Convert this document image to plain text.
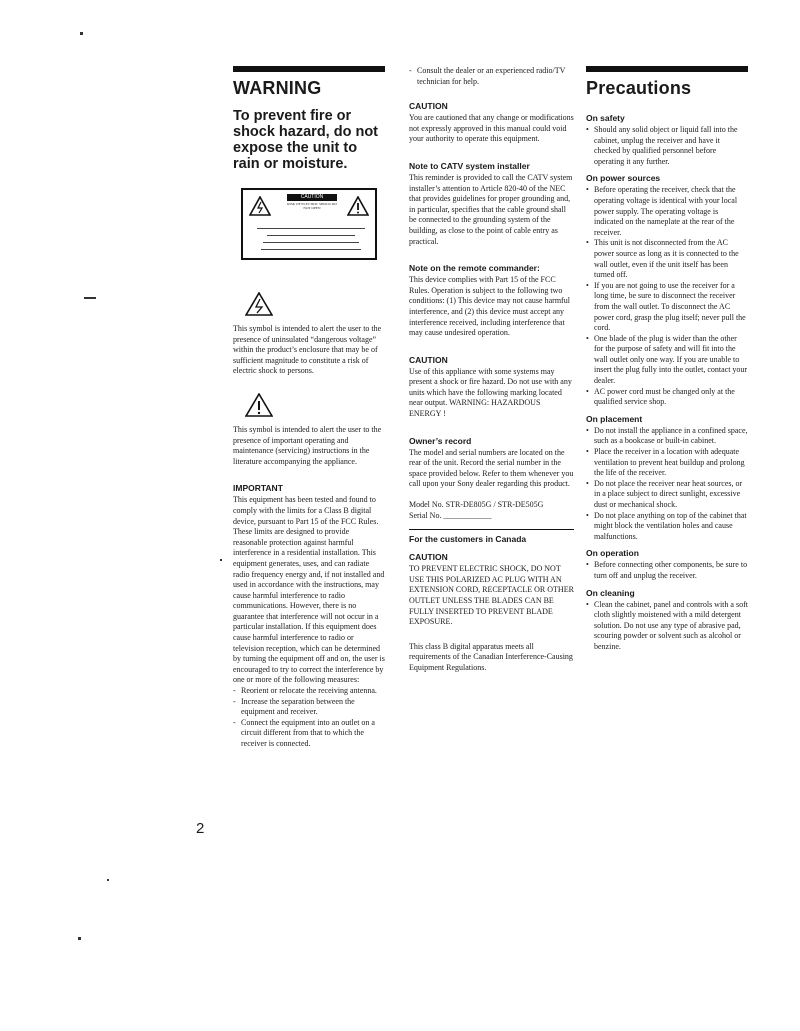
WARNING
To prevent fire or shock hazard, do not expose the unit to rain or moisture.
CAUTION
RISK OF ELECTRIC SHOCK DO NOT OPEN

This symbol is intended to alert the user to the presence of uninsulated “dangerous voltage” within the product’s enclosure that may be of sufficient magnitude to constitute a risk of electric shock to persons.

This symbol is intended to alert the user to the presence of important operating and maintenance (servicing) instructions in the literature accompanying the appliance.

IMPORTANT

This equipment has been tested and found to comply with the limits for a Class B digital device, pursuant to Part 15 of the FCC Rules.

These limits are designed to provide reasonable protection against harmful interference in a residential installation. This equipment generates, uses, and can radiate radio frequency energy and, if not installed and used in accordance with the instructions, may cause harmful interference to radio communications. However, there is no guarantee that interference will not occur in a particular installation. If this equipment does cause harmful interference to radio or television reception, which can be determined by turning the equipment off and on, the user is encouraged to try to correct the interference by one or more of the following measures:

- Reorient or relocate the receiving antenna.
- Increase the separation between the equipment and receiver.
- Connect the equipment into an outlet on a circuit different from that to which the receiver is connected.
2
- Consult the dealer or an experienced radio/TV technician for help.
CAUTION

You are cautioned that any change or modifications not expressly approved in this manual could void your authority to operate this equipment.

Note to CATV system installer

This reminder is provided to call the CATV system installer’s attention to Article 820-40 of the NEC that provides guidelines for proper grounding and, in particular, specifies that the cable ground shall be connected to the grounding system of the building, as close to the point of cable entry as practical.

Note on the remote commander:

This device complies with Part 15 of the FCC Rules. Operation is subject to the following two conditions: (1) This device may not cause harmful interference, and (2) this device must accept any interference received, including interference that may cause undesired operation.

CAUTION

Use of this appliance with some systems may present a shock or fire hazard. Do not use with any units which have the following marking located near output. WARNING: HAZARDOUS ENERGY !

Owner’s record

The model and serial numbers are located on the rear of the unit. Record the serial number in the space provided below. Refer to them whenever you call upon your Sony dealer regarding this product.

Model No. STR-DE805G / STR-DE505G

Serial No. ____________

For the customers in Canada
CAUTION

TO PREVENT ELECTRIC SHOCK, DO NOT USE THIS POLARIZED AC PLUG WITH AN EXTENSION CORD, RECEPTACLE OR OTHER OUTLET UNLESS THE BLADES CAN BE FULLY INSERTED TO PREVENT BLADE EXPOSURE.

This class B digital apparatus meets all requirements of the Canadian Interference-Causing Equipment Regulations.

Precautions
On safety
• Should any solid object or liquid fall into the cabinet, unplug the receiver and have it checked by qualified personnel before operating it any further.
On power sources
• Before operating the receiver, check that the operating voltage is identical with your local power supply. The operating voltage is indicated on the nameplate at the rear of the receiver.
• This unit is not disconnected from the AC power source as long as it is connected to the wall outlet, even if the unit itself has been turned off.
• If you are not going to use the receiver for a long time, be sure to disconnect the receiver from the wall outlet. To disconnect the AC power cord, grasp the plug itself; never pull the cord.
• One blade of the plug is wider than the other for the purpose of safety and will fit into the wall outlet only one way. If you are unable to insert the plug fully into the outlet, contact your dealer.
• AC power cord must be changed only at the qualified service shop.
On placement
• Do not install the appliance in a confined space, such as a bookcase or built-in cabinet.
• Place the receiver in a location with adequate ventilation to prevent heat buildup and prolong the life of the receiver.
• Do not place the receiver near heat sources, or in a place subject to direct sunlight, excessive dust or mechanical shock.
• Do not place anything on top of the cabinet that might block the ventilation holes and cause malfunctions.
On operation
• Before connecting other components, be sure to turn off and unplug the receiver.
On cleaning
• Clean the cabinet, panel and controls with a soft cloth slightly moistened with a mild detergent solution. Do not use any type of abrasive pad, scouring powder or solvent such as alcohol or benzine.
